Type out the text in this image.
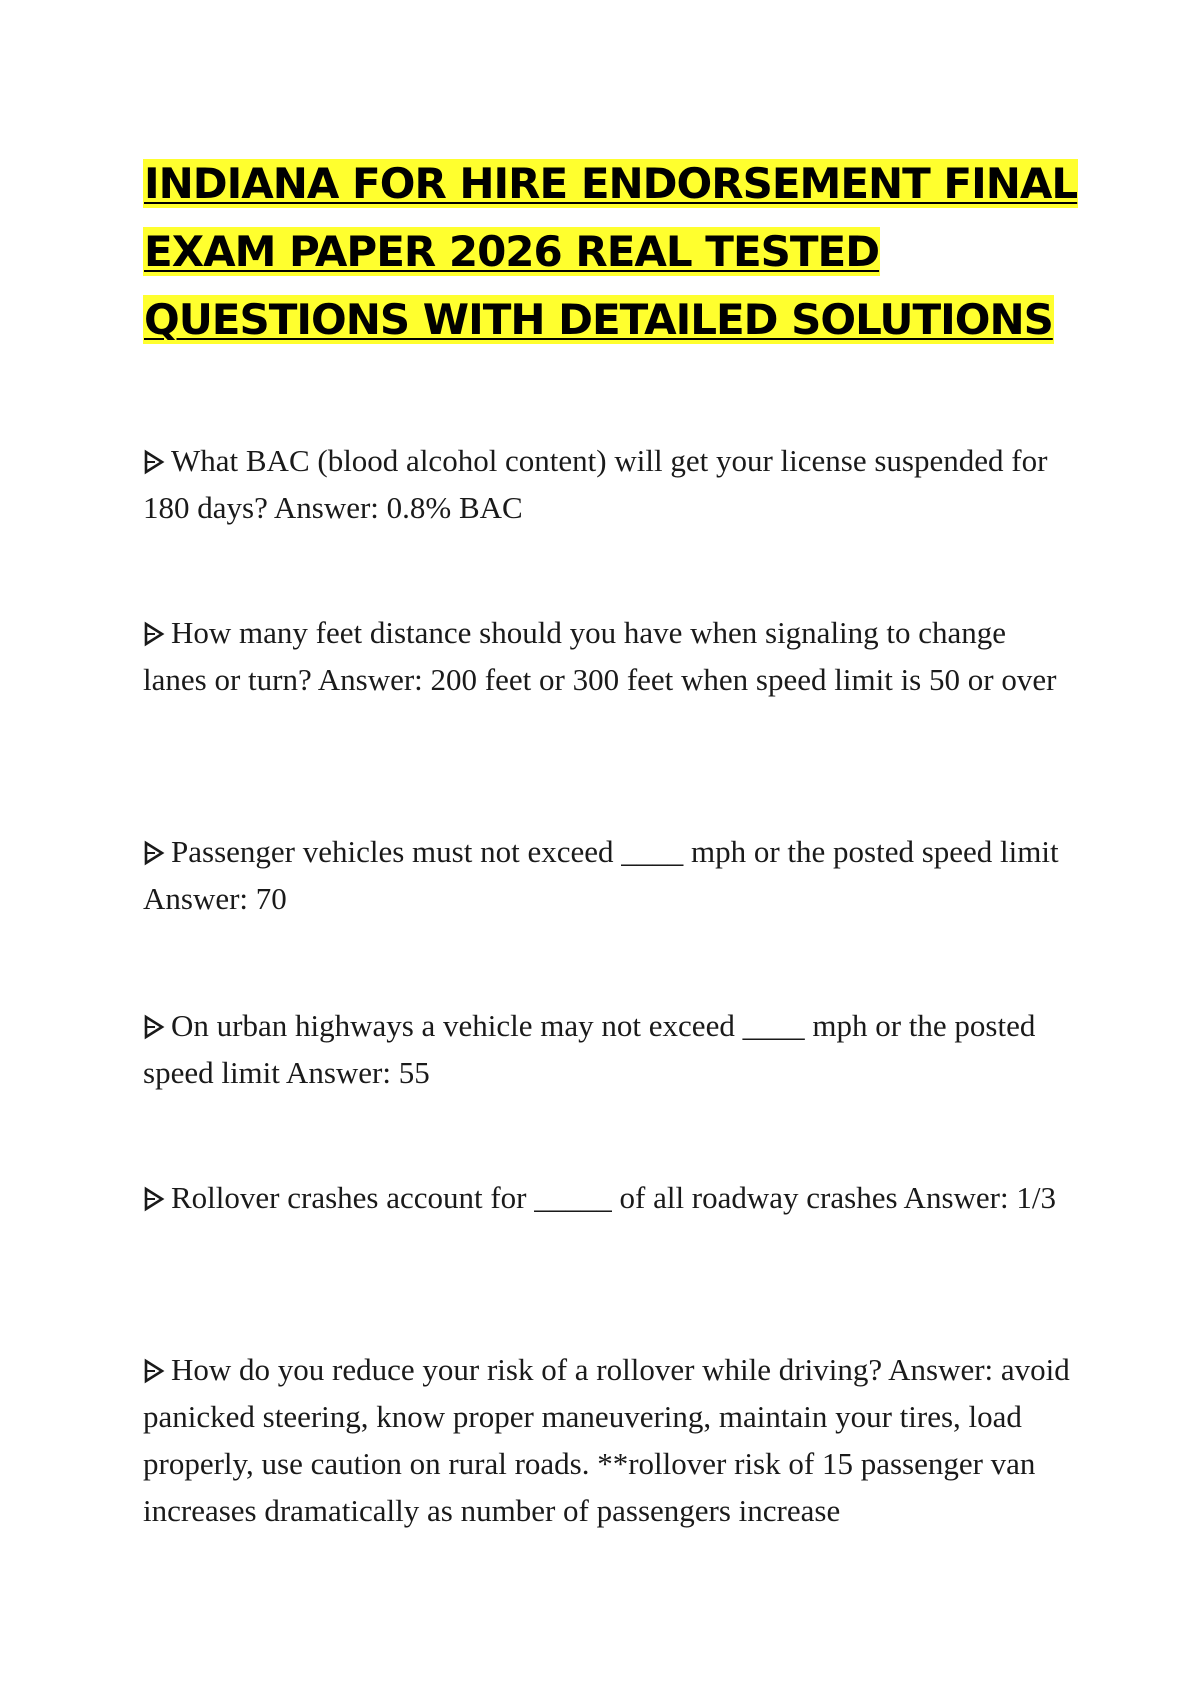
INDIANA FOR HIRE ENDORSEMENT FINAL
EXAM PAPER 2026 REAL TESTED
QUESTIONS WITH DETAILED SOLUTIONS
What BAC (blood alcohol content) will get your license suspended for 180 days? Answer: 0.8% BAC
How many feet distance should you have when signaling to change lanes or turn? Answer: 200 feet or 300 feet when speed limit is 50 or over
Passenger vehicles must not exceed ____ mph or the posted speed limit Answer: 70
On urban highways a vehicle may not exceed ____ mph or the posted speed limit Answer: 55
Rollover crashes account for _____ of all roadway crashes Answer: 1/3
How do you reduce your risk of a rollover while driving? Answer: avoid panicked steering, know proper maneuvering, maintain your tires, load properly, use caution on rural roads. **rollover risk of 15 passenger van increases dramatically as number of passengers increase
